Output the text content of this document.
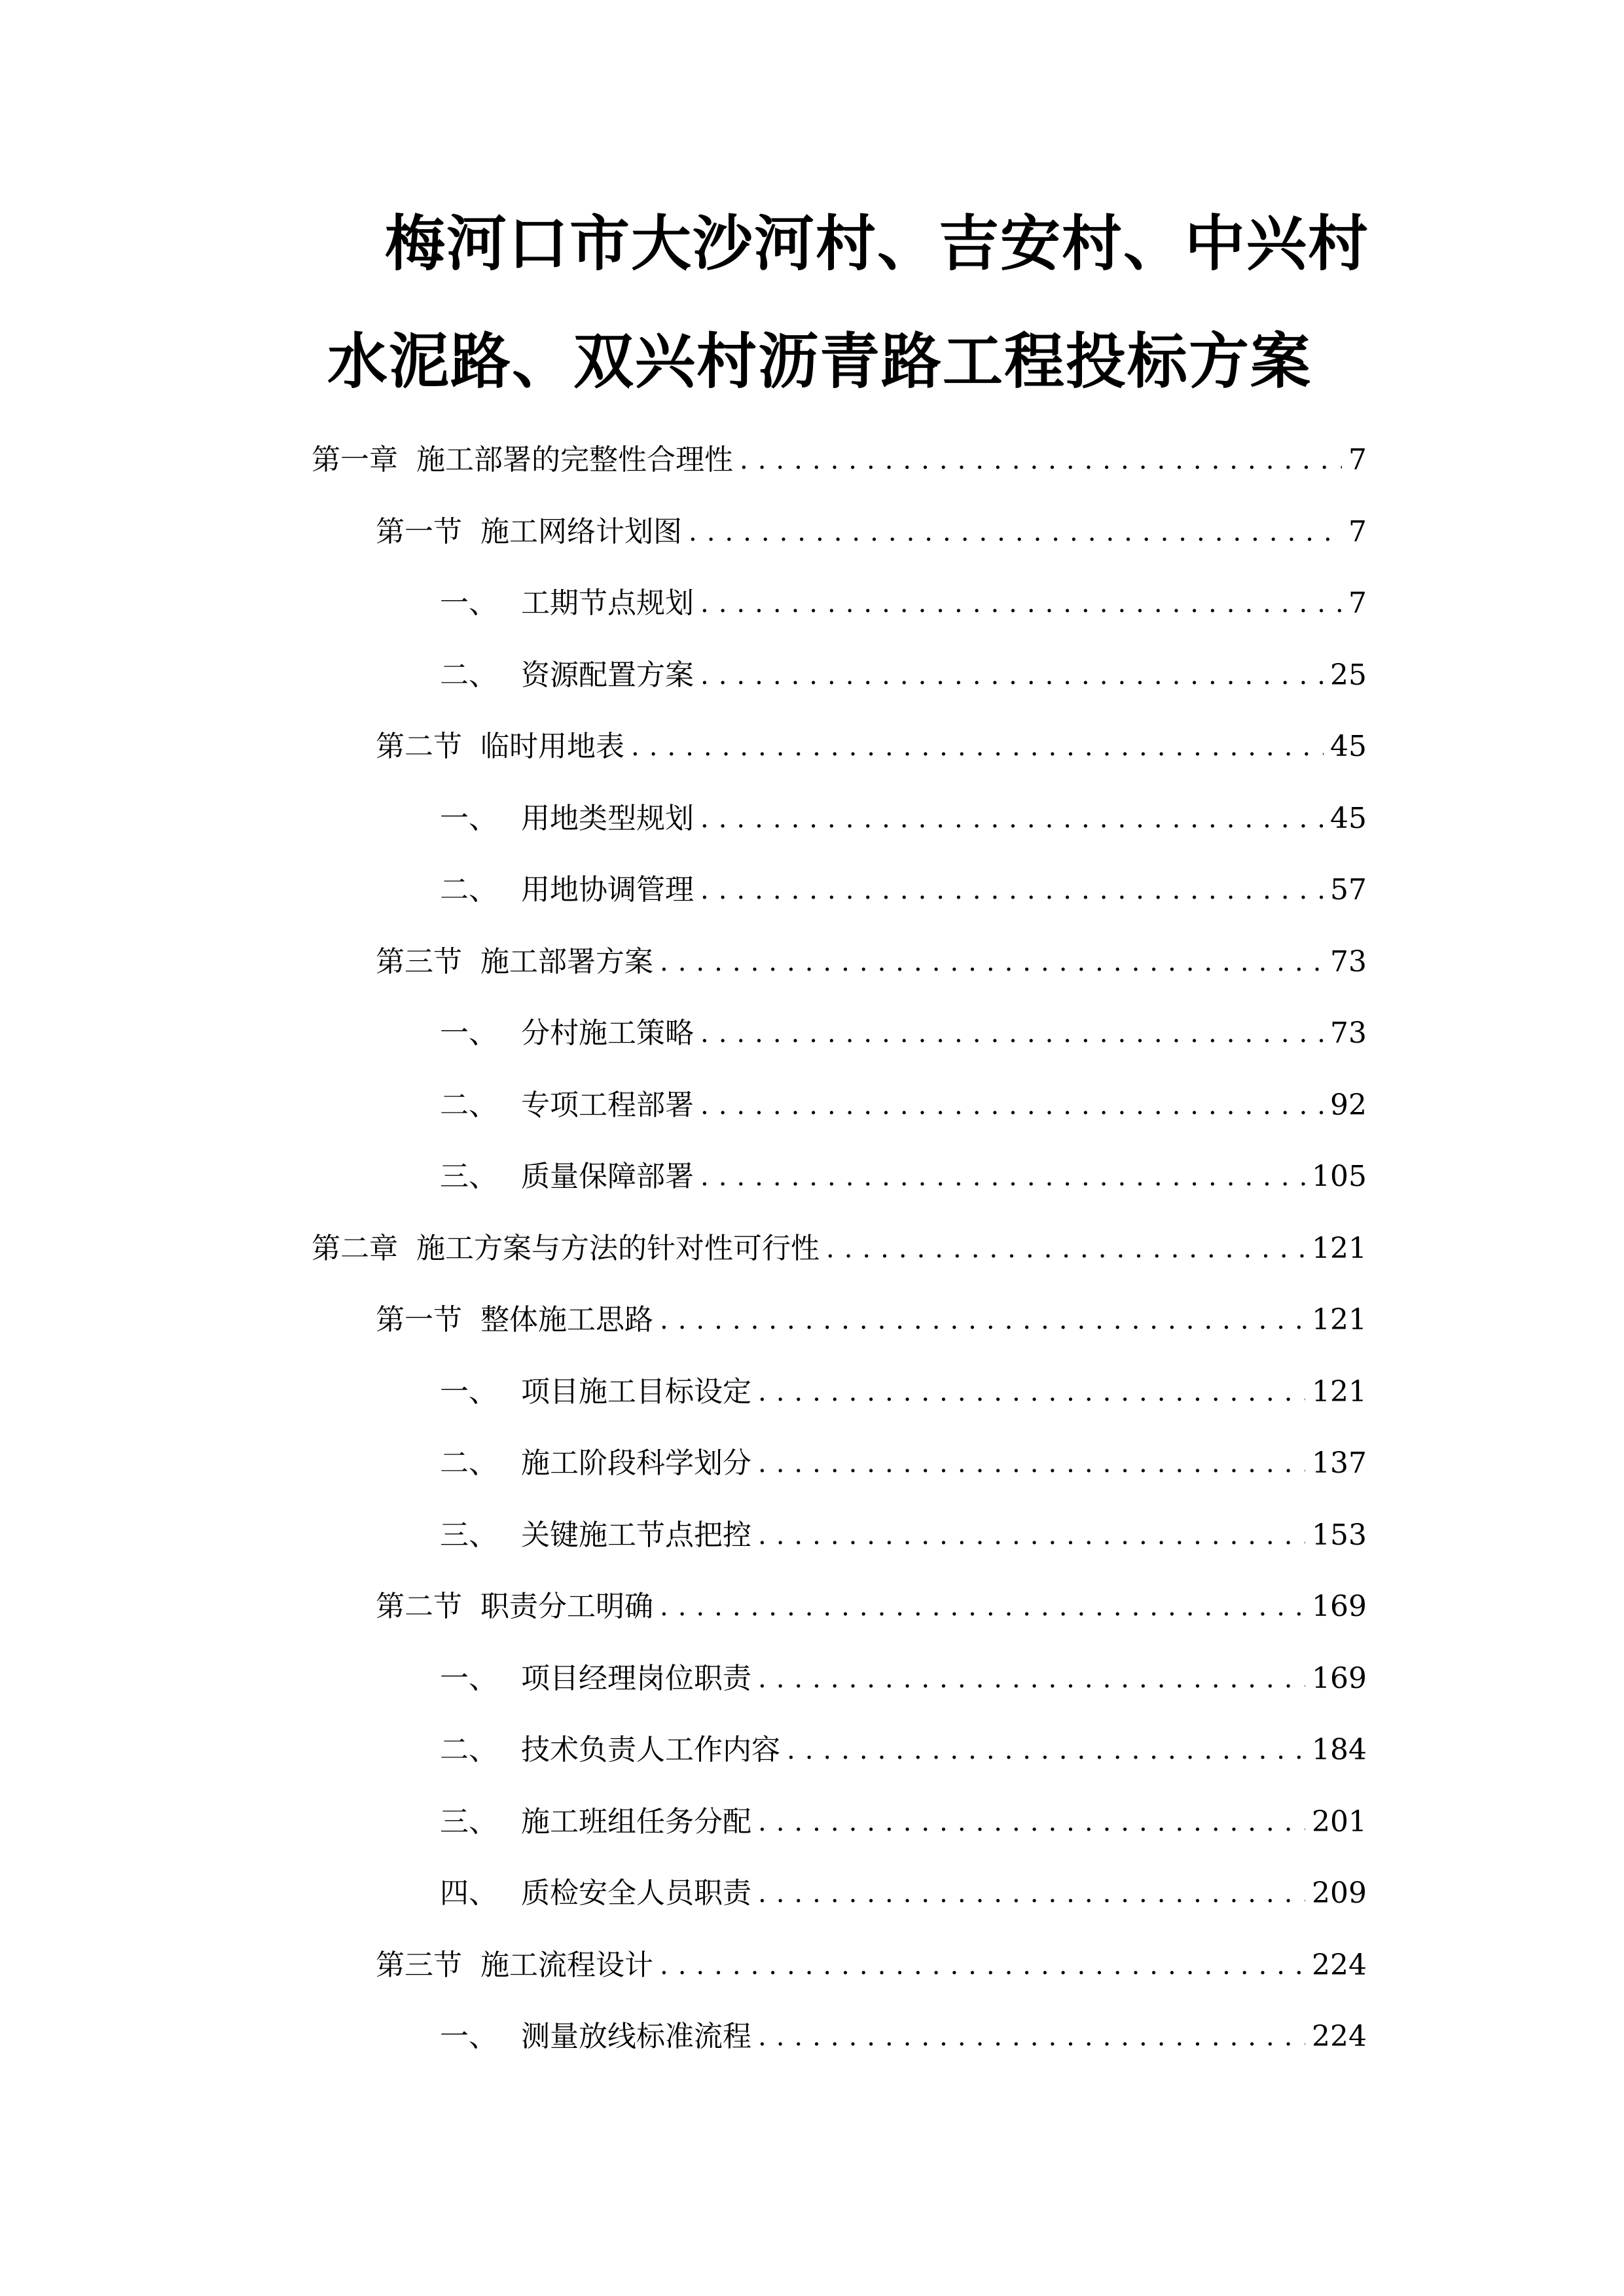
梅河口市大沙河村、吉安村、中兴村
水泥路、双兴村沥青路工程投标方案
第一章 施工部署的完整性合理性 .....	7
第一节 施工网络计划图 .....	7
一、 工期节点规划 .....	7
二、 资源配置方案 .....	25
第二节 临时用地表 .....	45
一、 用地类型规划 .....	45
二、 用地协调管理 .....	57
第三节 施工部署方案 .....	73
一、 分村施工策略 .....	73
二、 专项工程部署 .....	92
三、 质量保障部署 .....	105
第二章 施工方案与方法的针对性可行性 .....	121
第一节 整体施工思路 .....	121
一、 项目施工目标设定 .....	121
二、 施工阶段科学划分 .....	137
三、 关键施工节点把控 .....	153
第二节 职责分工明确 .....	169
一、 项目经理岗位职责 .....	169
二、 技术负责人工作内容 .....	184
三、 施工班组任务分配 .....	201
四、 质检安全人员职责 .....	209
第三节 施工流程设计 .....	224
一、 测量放线标准流程 .....	224
